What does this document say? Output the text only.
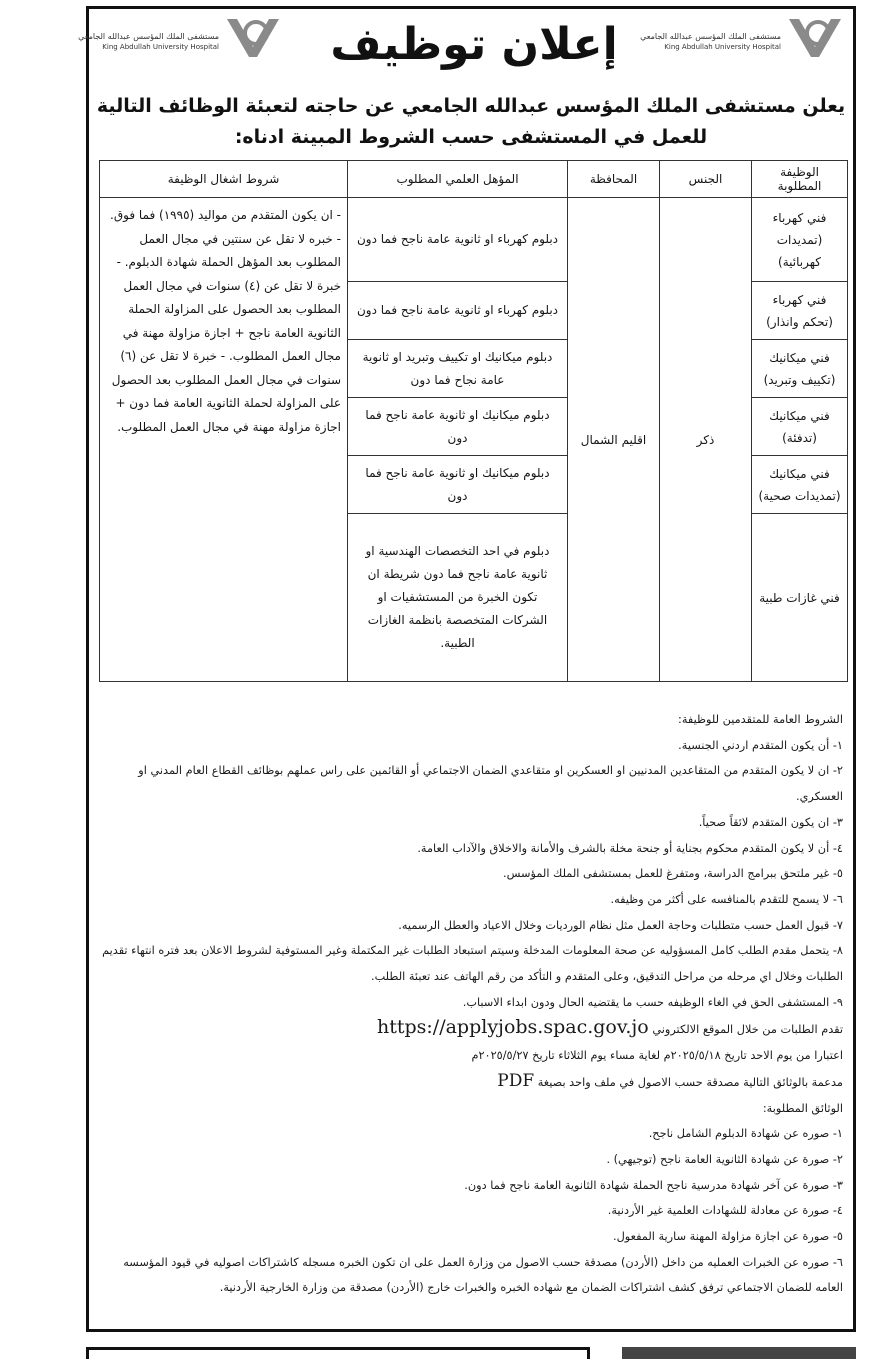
مستشفى الملك المؤسس عبدالله الجامعي
King Abdullah University Hospital
إعلان توظيف
مستشفى الملك المؤسس عبدالله الجامعي
King Abdullah University Hospital
يعلن مستشفى الملك المؤسس عبدالله الجامعي عن حاجته لتعبئة الوظائف التالية
للعمل في المستشفى حسب الشروط المبينة ادناه:
الوظيفة المطلوبة	الجنس	المحافظة	المؤهل العلمي المطلوب	شروط اشغال الوظيفة
فني كهرباء (تمديدات كهربائية)	ذكر	اقليم الشمال	دبلوم كهرباء او ثانوية عامة ناجح فما دون	- ان يكون المتقدم من مواليد (١٩٩٥) فما فوق. - خبره لا تقل عن سنتين في مجال العمل المطلوب بعد المؤهل الحملة شهادة الدبلوم. - خبرة لا تقل عن (٤) سنوات في مجال العمل المطلوب بعد الحصول على المزاولة الحملة الثانوية العامة ناجح + اجازة مزاولة مهنة في مجال العمل المطلوب. - خبرة لا تقل عن (٦) سنوات في مجال العمل المطلوب بعد الحصول على المزاولة لحملة الثانوية العامة فما دون + اجازة مزاولة مهنة في مجال العمل المطلوب.
فني كهرباء (تحكم وانذار)			دبلوم كهرباء او ثانوية عامة ناجح فما دون	
فني ميكانيك (تكييف وتبريد)			دبلوم ميكانيك او تكييف وتبريد او ثانوية عامة نجاح فما دون	
فني ميكانيك (تدفئة)			دبلوم ميكانيك او ثانوية عامة ناجح فما دون	
فني ميكانيك (تمديدات صحية)			دبلوم ميكانيك او ثانوية عامة ناجح فما دون	
فني غازات طبية			دبلوم في احد التخصصات الهندسية او ثانوية عامة ناجح فما دون شريطة ان تكون الخبرة من المستشفيات او الشركات المتخصصة بانظمة الغازات الطبية.	

الشروط العامة للمتقدمين للوظيفة:

١- أن يكون المتقدم اردني الجنسية.

٢- ان لا يكون المتقدم من المتقاعدين المدنيين او العسكرين او متقاعدي الضمان الاجتماعي أو القائمين على راس عملهم بوظائف القطاع العام المدني او العسكري.

٣- ان يكون المتقدم لائقاً صحياً.

٤- أن لا يكون المتقدم محكوم بجناية أو جنحة مخلة بالشرف والأمانة والاخلاق والآداب العامة.

٥- غير ملتحق ببرامج الدراسة، ومتفرغ للعمل بمستشفى الملك المؤسس.

٦- لا يسمح للتقدم بالمنافسه على أكثر من وظيفه.

٧- قبول العمل حسب متطلبات وحاجة العمل مثل نظام الورديات وخلال الاعياد والعطل الرسميه.

٨- يتحمل مقدم الطلب كامل المسؤوليه عن صحة المعلومات المدخلة وسيتم استبعاد الطلبات غير المكتملة وغير المستوفية لشروط الاعلان بعد فتره انتهاء تقديم الطلبات وخلال اي مرحله من مراحل التدقيق، وعلى المتقدم و التأكد من رقم الهاتف عند تعبئة الطلب.

٩- المستشفى الحق في الغاء الوظيفه حسب ما يقتضيه الحال ودون ابداء الاسباب.

تقدم الطلبات من خلال الموقع الالكتروني https://applyjobs.spac.gov.jo

اعتبارا من يوم الاحد تاريخ ٢٠٢٥/٥/١٨م لغاية مساء يوم الثلاثاء تاريخ ٢٠٢٥/٥/٢٧م

مدعمة بالوثائق التالية مصدقة حسب الاصول في ملف واحد بصيغة PDF

الوثائق المطلوبة:

١- صوره عن شهادة الدبلوم الشامل ناجح.

٢- صورة عن شهادة الثانوية العامة ناجح (توجيهي) .

٣- صورة عن آخر شهادة مدرسية ناجح الحملة شهادة الثانوية العامة ناجح فما دون.

٤- صورة عن معادلة للشهادات العلمية غير الأردنية.

٥- صورة عن اجازة مزاولة المهنة سارية المفعول.

٦- صوره عن الخبرات العمليه من داخل (الأردن) مصدقة حسب الاصول من وزارة العمل على ان تكون الخبره مسجله كاشتراكات اصوليه في قيود المؤسسه العامه للضمان الاجتماعي ترفق كشف اشتراكات الضمان مع شهاده الخبره والخبرات خارج (الأردن) مصدقة من وزارة الخارجية الأردنية.
